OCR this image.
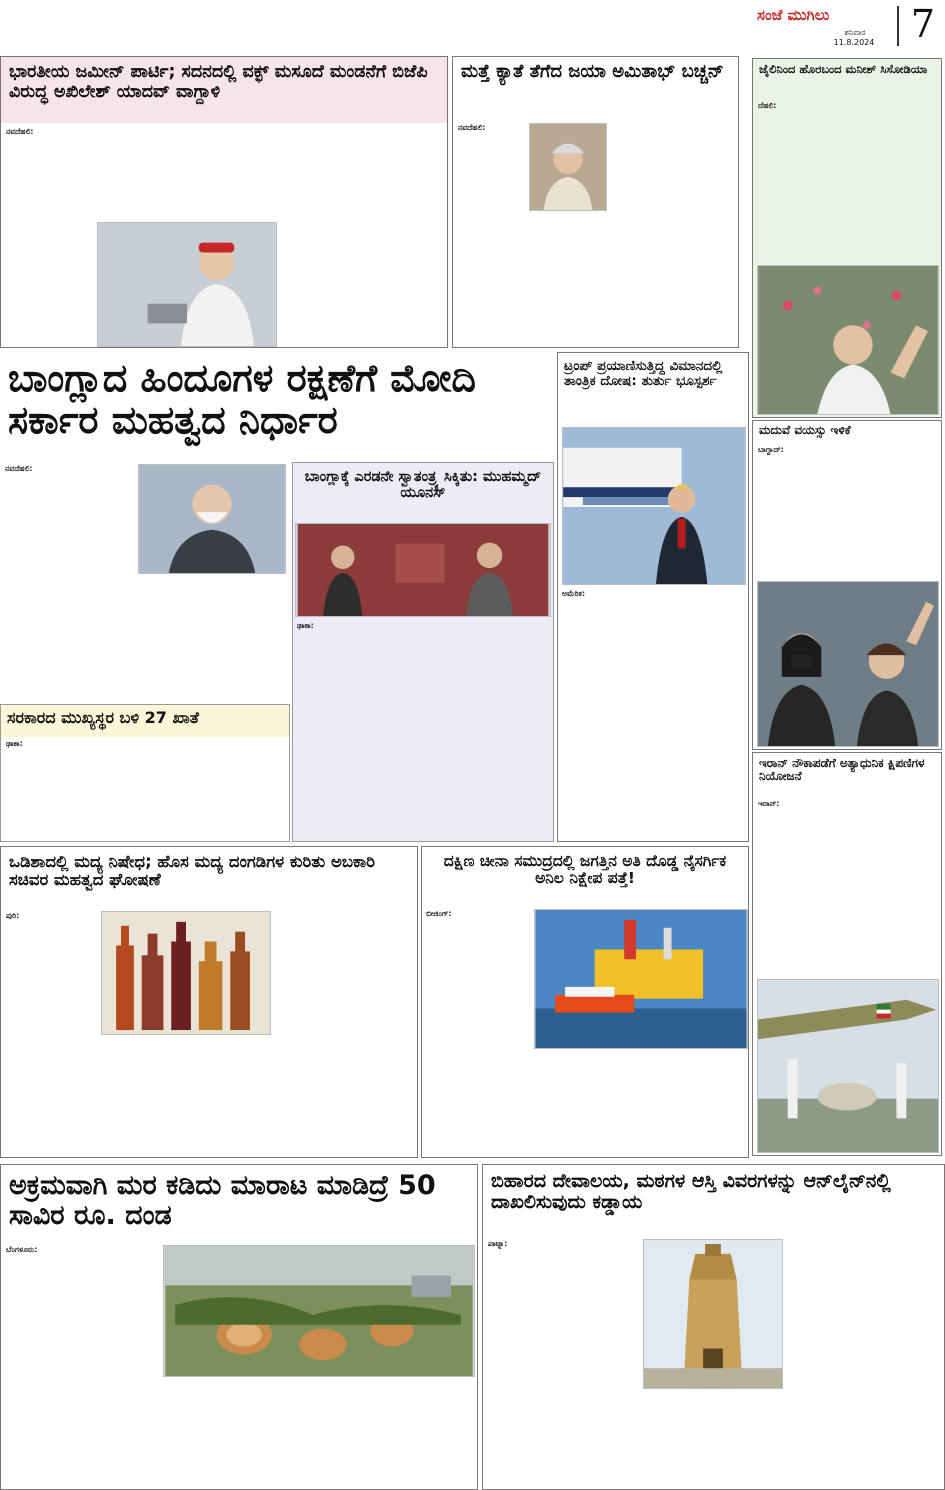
ಸಂಜೆ ಮುಗಿಲು
ಶನಿವಾರ
11.8.2024 7
ಭಾರತೀಯ ಜಮೀನ್ ಪಾರ್ಟಿ; ಸದನದಲ್ಲಿ ವಕ್ಫ್ ಮಸೂದೆ ಮಂಡನೆಗೆ ಬಿಜೆಪಿ ವಿರುದ್ಧ ಅಖಿಲೇಶ್ ಯಾದವ್ ವಾಗ್ದಾಳಿ
ನವದೆಹಲಿ:
ಮತ್ತೆ ಕ್ಯಾತೆ ತೆಗೆದ ಜಯಾ ಅಮಿತಾಭ್ ಬಚ್ಚನ್
ನವದೆಹಲಿ:
ಜೈಲಿನಿಂದ ಹೊರಬಂದ ಮನೀಶ್ ಸಿಸೋಡಿಯಾ
ದೆಹಲಿ:
ಬಾಂಗ್ಲಾದ ಹಿಂದೂಗಳ ರಕ್ಷಣೆಗೆ ಮೋದಿ ಸರ್ಕಾರ ಮಹತ್ವದ ನಿರ್ಧಾರ
ನವದೆಹಲಿ:
ಬಾಂಗ್ಲಾಕ್ಕೆ ಎರಡನೇ ಸ್ವಾತಂತ್ರ್ಯ ಸಿಕ್ಕಿತು: ಮುಹಮ್ಮದ್ ಯೂನಸ್
ಢಾಕಾ:
ಸರಕಾರದ ಮುಖ್ಯಸ್ಥರ ಬಳಿ 27 ಖಾತೆ
ಢಾಕಾ:
ಟ್ರಂಪ್ ಪ್ರಯಾಣಿಸುತ್ತಿದ್ದ ವಿಮಾನದಲ್ಲಿ ತಾಂತ್ರಿಕ ದೋಷ: ತುರ್ತು ಭೂಸ್ಪರ್ಶ
ಅಮೆರಿಕ:
ಮದುವೆ ವಯಸ್ಸು ಇಳಿಕೆ
ಬಾಗ್ದಾದ್:
ಇರಾನ್ ನೌಕಾಪಡೆಗೆ ಅತ್ಯಾಧುನಿಕ ಕ್ಷಿಪಣಿಗಳ ನಿಯೋಜನೆ
ಇರಾನ್:
ಒಡಿಶಾದಲ್ಲಿ ಮದ್ಯ ನಿಷೇಧ; ಹೊಸ ಮದ್ಯ ದಂಗಡಿಗಳ ಕುರಿತು ಅಬಕಾರಿ ಸಚಿವರ ಮಹತ್ವದ ಘೋಷಣೆ
ಪುರಿ:
ದಕ್ಷಿಣ ಚೀನಾ ಸಮುದ್ರದಲ್ಲಿ ಜಗತ್ತಿನ ಅತಿ ದೊಡ್ಡ ನೈಸರ್ಗಿಕ ಅನಿಲ ನಿಕ್ಷೇಪ ಪತ್ತೆ!
ಬೀಜಿಂಗ್:
ಅಕ್ರಮವಾಗಿ ಮರ ಕಡಿದು ಮಾರಾಟ ಮಾಡಿದ್ರೆ 50 ಸಾವಿರ ರೂ. ದಂಡ
ಬೆಂಗಳೂರು:
ಬಿಹಾರದ ದೇವಾಲಯ, ಮಠಗಳ ಆಸ್ತಿ ವಿವರಗಳನ್ನು ಆನ್‌ಲೈನ್‌ನಲ್ಲಿ ದಾಖಲಿಸುವುದು ಕಡ್ಡಾಯ
ಪಾಟ್ನಾ:
